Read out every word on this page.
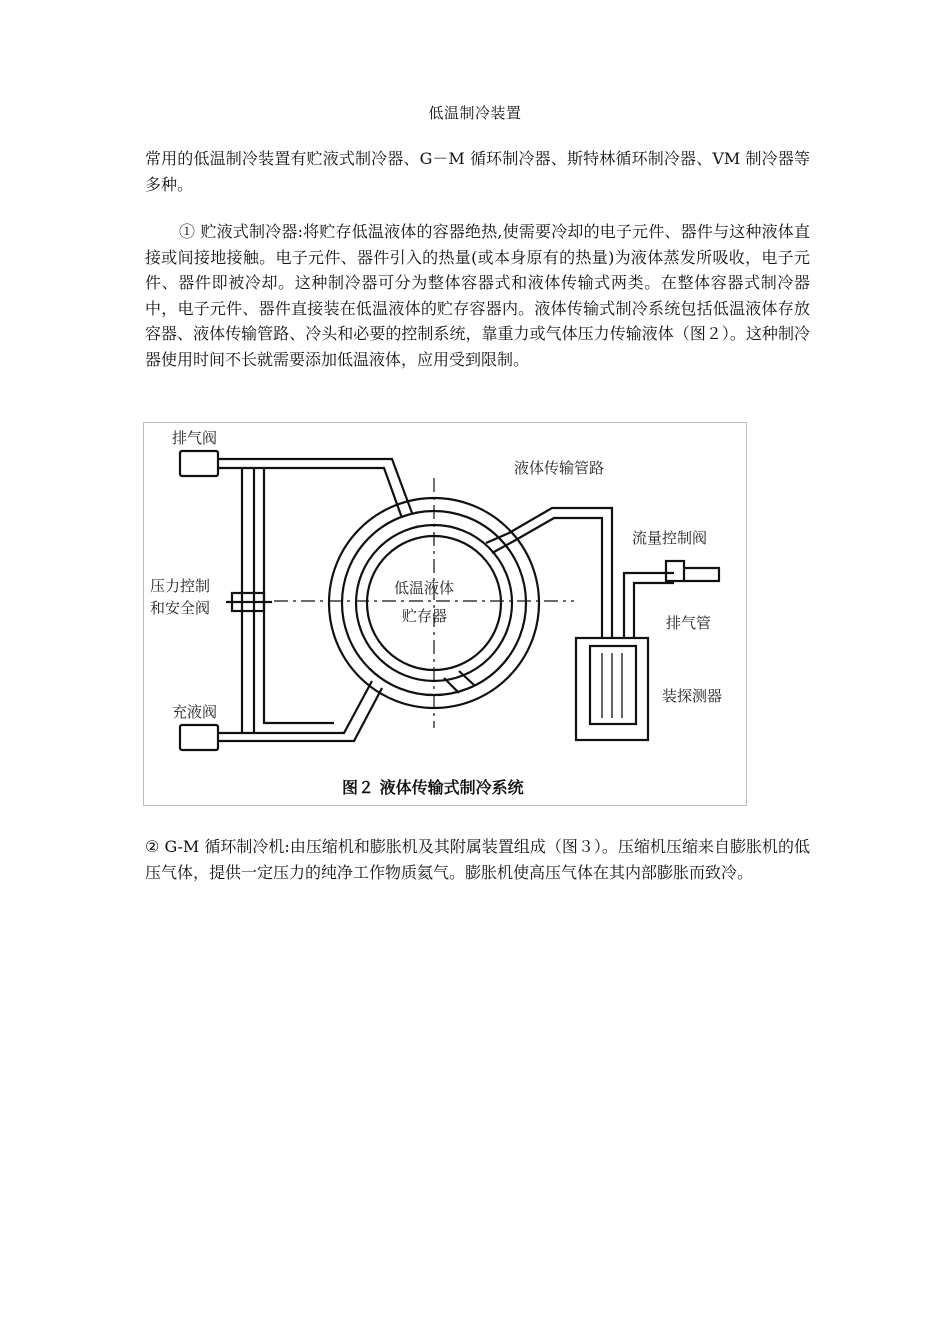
低温制冷装置

常用的低温制冷装置有贮液式制冷器、G－M 循环制冷器、斯特林循环制冷器、VM 制冷器等多种。

① 贮液式制冷器:将贮存低温液体的容器绝热,使需要冷却的电子元件、器件与这种液体直接或间接地接触。电子元件、器件引入的热量(或本身原有的热量)为液体蒸发所吸收，电子元件、器件即被冷却。这种制冷器可分为整体容器式和液体传输式两类。在整体容器式制冷器中，电子元件、器件直接装在低温液体的贮存容器内。液体传输式制冷系统包括低温液体存放容器、液体传输管路、冷头和必要的控制系统，靠重力或气体压力传输液体（图２）。这种制冷器使用时间不长就需要添加低温液体，应用受到限制。

排气阀
压力控制
和安全阀
充液阀
液体传输管路
流量控制阀
排气管
低温液体
贮存器
装探测器
图２ 液体传输式制冷系统

② G-M 循环制冷机:由压缩机和膨胀机及其附属装置组成（图３）。压缩机压缩来自膨胀机的低压气体，提供一定压力的纯净工作物质氦气。膨胀机使高压气体在其内部膨胀而致冷。
